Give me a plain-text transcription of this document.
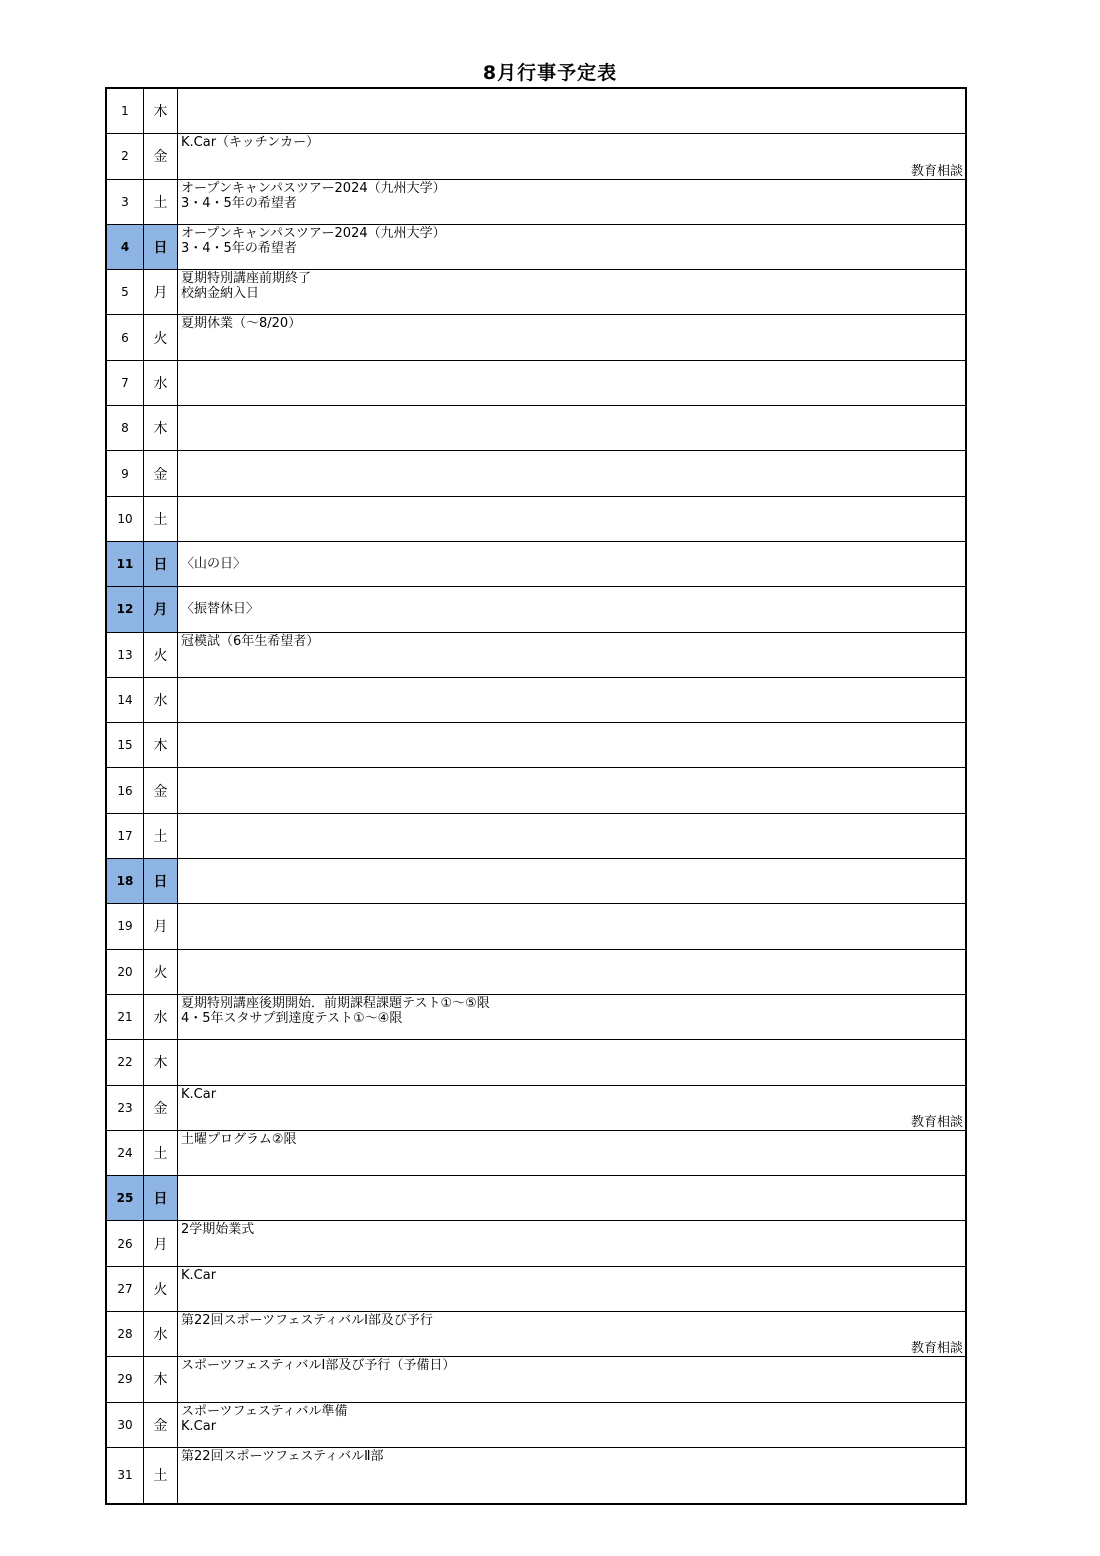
8月行事予定表
1	木
2	金
K.Car（キッチンカー）
教育相談
3	土
オープンキャンパスツアー2024（九州大学）
3・4・5年の希望者
4	日
オープンキャンパスツアー2024（九州大学）
3・4・5年の希望者
5	月
夏期特別講座前期終了
校納金納入日
6	火
夏期休業（～8/20）
7	水
8	木
9	金
10	土
11	日	〈山の日〉
12	月	〈振替休日〉
13	火
冠模試（6年生希望者）
14	水
15	木
16	金
17	土
18	日
19	月
20	火
21	水
夏期特別講座後期開始．前期課程課題テスト①～⑤限
4・5年スタサプ到達度テスト①～④限
22	木
23	金
K.Car
教育相談
24	土
土曜プログラム②限
25	日
26	月
2学期始業式
27	火
K.Car
28	水
第22回スポーツフェスティバルⅠ部及び予行
教育相談
29	木
スポーツフェスティバルⅠ部及び予行（予備日）
30	金
スポーツフェスティバル準備
K.Car
31	土
第22回スポーツフェスティバルⅡ部
